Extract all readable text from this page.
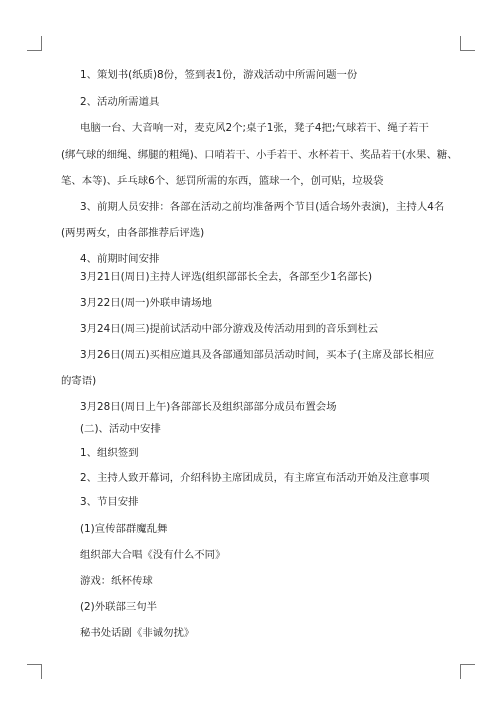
1、策划书(纸质)8份，签到表1份，游戏活动中所需问题一份
2、活动所需道具
电脑一台、大音响一对，麦克风2个;桌子1张，凳子4把;气球若干、绳子若干
(绑气球的细绳、绑腿的粗绳)、口哨若干、小手若干、水杯若干、奖品若干(水果、糖、
笔、本等)、乒乓球6个、惩罚所需的东西，篮球一个，创可贴，垃圾袋
3、前期人员安排：各部在活动之前均准备两个节目(适合场外表演)，主持人4名
(两男两女，由各部推荐后评选)
4、前期时间安排
3月21日(周日)主持人评选(组织部部长全去，各部至少1名部长)
3月22日(周一)外联申请场地
3月24日(周三)提前试活动中部分游戏及传活动用到的音乐到杜云
3月26日(周五)买相应道具及各部通知部员活动时间，买本子(主席及部长相应
的寄语)
3月28日(周日上午)各部部长及组织部部分成员布置会场
(二)、活动中安排
1、组织签到
2、主持人致开幕词，介绍科协主席团成员，有主席宣布活动开始及注意事项
3、节目安排
(1)宣传部群魔乱舞
组织部大合唱《没有什么不同》
游戏：纸杯传球
(2)外联部三句半
秘书处话剧《非诚勿扰》
